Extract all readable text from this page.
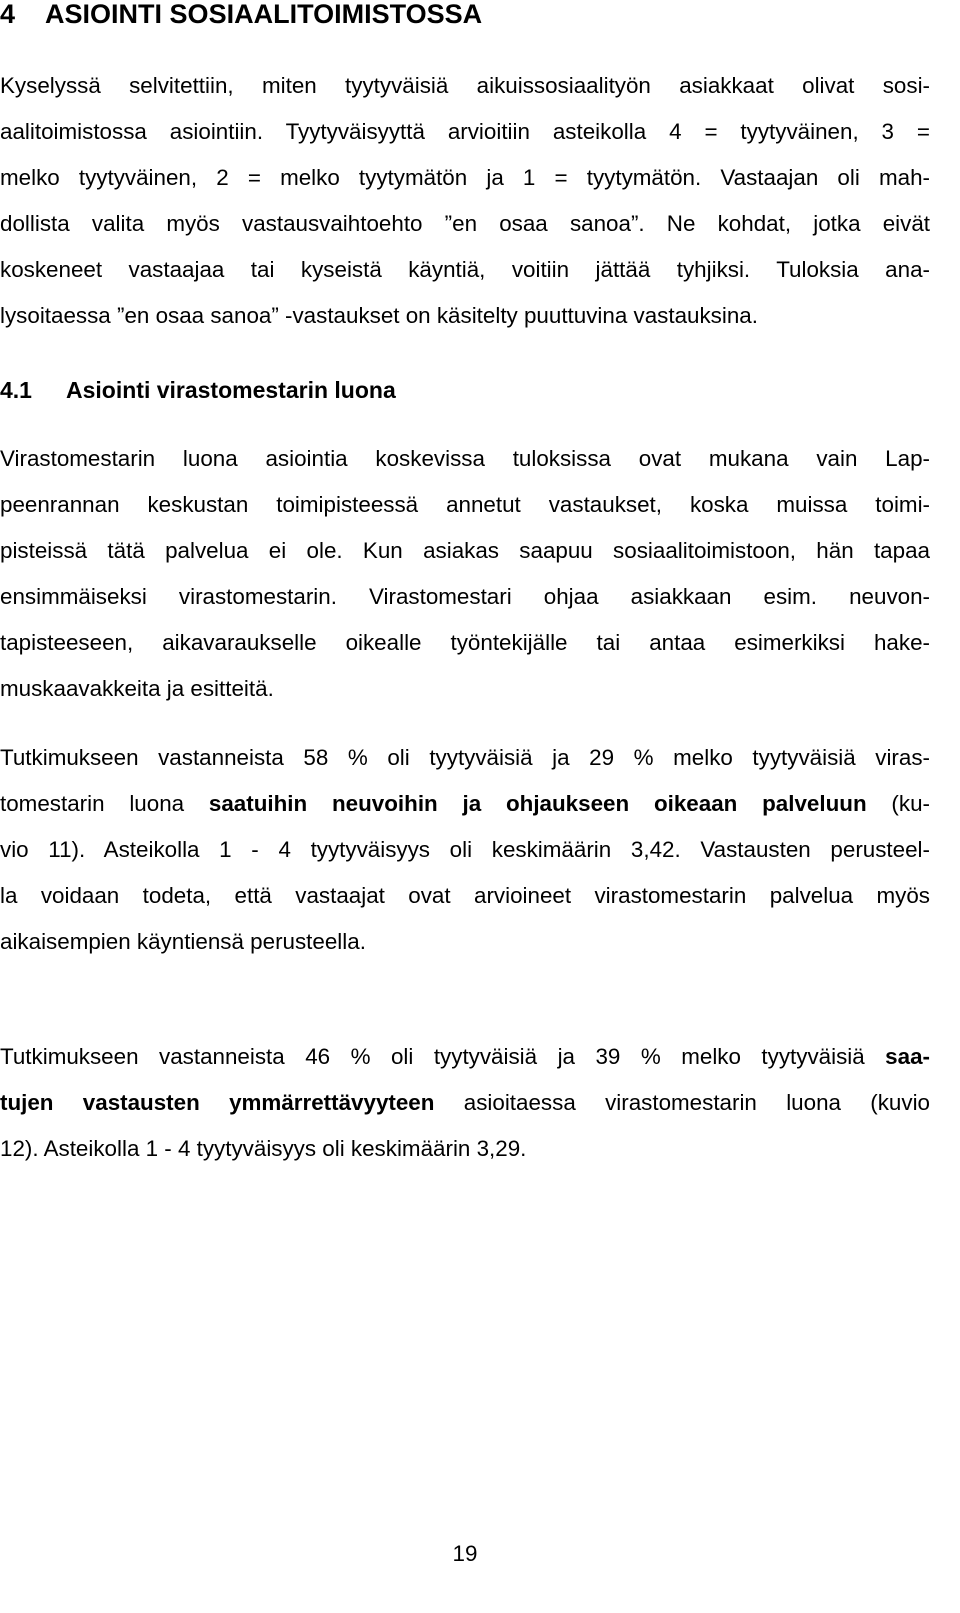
4 ASIOINTI SOSIAALITOIMISTOSSA
Kyselyssä selvitettiin, miten tyytyväisiä aikuissosiaalityön asiakkaat olivat sosi-
aalitoimistossa asiointiin. Tyytyväisyyttä arvioitiin asteikolla 4 = tyytyväinen, 3 =
melko tyytyväinen, 2 = melko tyytymätön ja 1 = tyytymätön. Vastaajan oli mah-
dollista valita myös vastausvaihtoehto ”en osaa sanoa”. Ne kohdat, jotka eivät
koskeneet vastaajaa tai kyseistä käyntiä, voitiin jättää tyhjiksi. Tuloksia ana-
lysoitaessa ”en osaa sanoa” -vastaukset on käsitelty puuttuvina vastauksina.
4.1 Asiointi virastomestarin luona
Virastomestarin luona asiointia koskevissa tuloksissa ovat mukana vain Lap-
peenrannan keskustan toimipisteessä annetut vastaukset, koska muissa toimi-
pisteissä tätä palvelua ei ole. Kun asiakas saapuu sosiaalitoimistoon, hän tapaa
ensimmäiseksi virastomestarin. Virastomestari ohjaa asiakkaan esim. neuvon-
tapisteeseen, aikavaraukselle oikealle työntekijälle tai antaa esimerkiksi hake-
muskaavakkeita ja esitteitä.
Tutkimukseen vastanneista 58 % oli tyytyväisiä ja 29 % melko tyytyväisiä viras-
tomestarin luona saatuihin neuvoihin ja ohjaukseen oikeaan palveluun (ku-
vio 11). Asteikolla 1 - 4 tyytyväisyys oli keskimäärin 3,42. Vastausten perusteel-
la voidaan todeta, että vastaajat ovat arvioineet virastomestarin palvelua myös
aikaisempien käyntiensä perusteella.
Tutkimukseen vastanneista 46 % oli tyytyväisiä ja 39 % melko tyytyväisiä saa-
tujen vastausten ymmärrettävyyteen asioitaessa virastomestarin luona (kuvio
12). Asteikolla 1 - 4 tyytyväisyys oli keskimäärin 3,29.
19
